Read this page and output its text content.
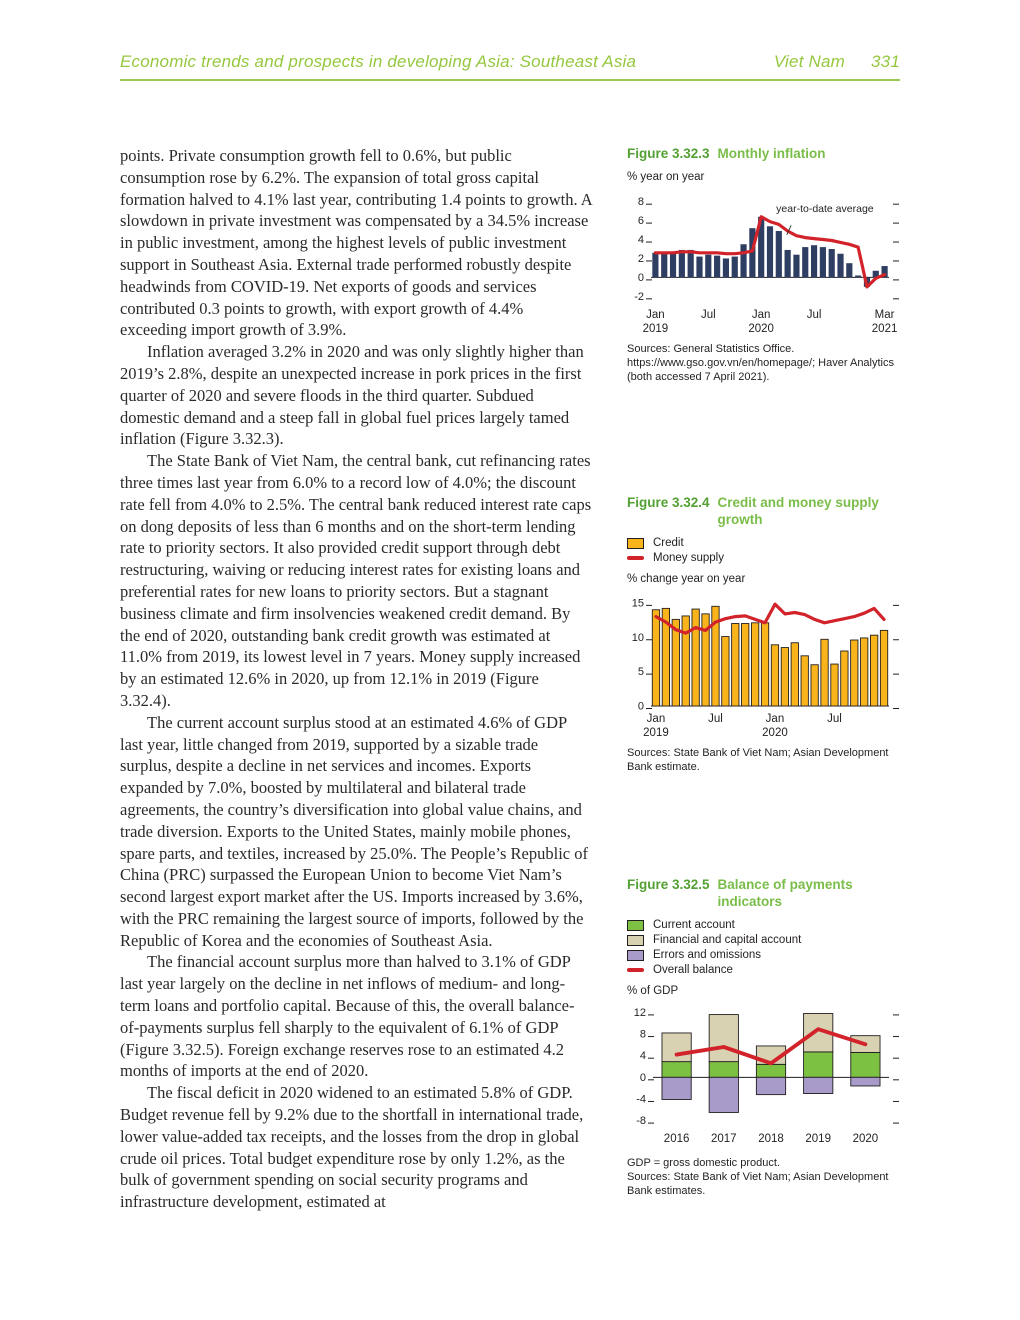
Economic trends and prospects in developing Asia: Southeast Asia	Viet Nam 331

points. Private consumption growth fell to 0.6%, but public consumption rose by 6.2%. The expansion of total gross capital formation halved to 4.1% last year, contributing 1.4 points to growth. A slowdown in private investment was compensated by a 34.5% increase in public investment, among the highest levels of public investment support in Southeast Asia. External trade performed robustly despite headwinds from COVID-19. Net exports of goods and services contributed 0.3 points to growth, with export growth of 4.4% exceeding import growth of 3.9%.

Inflation averaged 3.2% in 2020 and was only slightly higher than 2019’s 2.8%, despite an unexpected increase in pork prices in the first quarter of 2020 and severe floods in the third quarter. Subdued domestic demand and a steep fall in global fuel prices largely tamed inflation (Figure 3.32.3).

The State Bank of Viet Nam, the central bank, cut refinancing rates three times last year from 6.0% to a record low of 4.0%; the discount rate fell from 4.0% to 2.5%. The central bank reduced interest rate caps on dong deposits of less than 6 months and on the short-term lending rate to priority sectors. It also provided credit support through debt restructuring, waiving or reducing interest rates for existing loans and preferential rates for new loans to priority sectors. But a stagnant business climate and firm insolvencies weakened credit demand. By the end of 2020, outstanding bank credit growth was estimated at 11.0% from 2019, its lowest level in 7 years. Money supply increased by an estimated 12.6% in 2020, up from 12.1% in 2019 (Figure 3.32.4).

The current account surplus stood at an estimated 4.6% of GDP last year, little changed from 2019, supported by a sizable trade surplus, despite a decline in net services and incomes. Exports expanded by 7.0%, boosted by multilateral and bilateral trade agreements, the country’s diversification into global value chains, and trade diversion. Exports to the United States, mainly mobile phones, spare parts, and textiles, increased by 25.0%. The People’s Republic of China (PRC) surpassed the European Union to become Viet Nam’s second largest export market after the US. Imports increased by 3.6%, with the PRC remaining the largest source of imports, followed by the Republic of Korea and the economies of Southeast Asia.

The financial account surplus more than halved to 3.1% of GDP last year largely on the decline in net inflows of medium- and long-term loans and portfolio capital. Because of this, the overall balance-of-payments surplus fell sharply to the equivalent of 6.1% of GDP (Figure 3.32.5). Foreign exchange reserves rose to an estimated 4.2 months of imports at the end of 2020.

The fiscal deficit in 2020 widened to an estimated 5.8% of GDP. Budget revenue fell by 9.2% due to the shortfall in international trade, lower value-added tax receipts, and the losses from the drop in global crude oil prices. Total budget expenditure rose by only 1.2%, as the bulk of government spending on social security programs and infrastructure development, estimated at

Figure 3.32.3 Monthly inflation
% year on year
-2
0
2
4
6
8
Jan
2019
Jul	Jan
2020
Jul	Mar
2021
year-to-date average

Sources: General Statistics Office. https://www.gso.gov.vn/en/homepage/; Haver Analytics (both accessed 7 April 2021).

Figure 3.32.4 Credit and money supply growth
Credit
Money supply
% change year on year
0
5
10
15
Jan
2019
Jul	Jan
2020
Jul

Sources: State Bank of Viet Nam; Asian Development Bank estimate.

Figure 3.32.5 Balance of payments indicators
Current account
Financial and capital account
Errors and omissions
Overall balance
% of GDP
-8
-4
0
4
8
12
2016 2017 2018 2019 2020

GDP = gross domestic product.

Sources: State Bank of Viet Nam; Asian Development Bank estimates.
